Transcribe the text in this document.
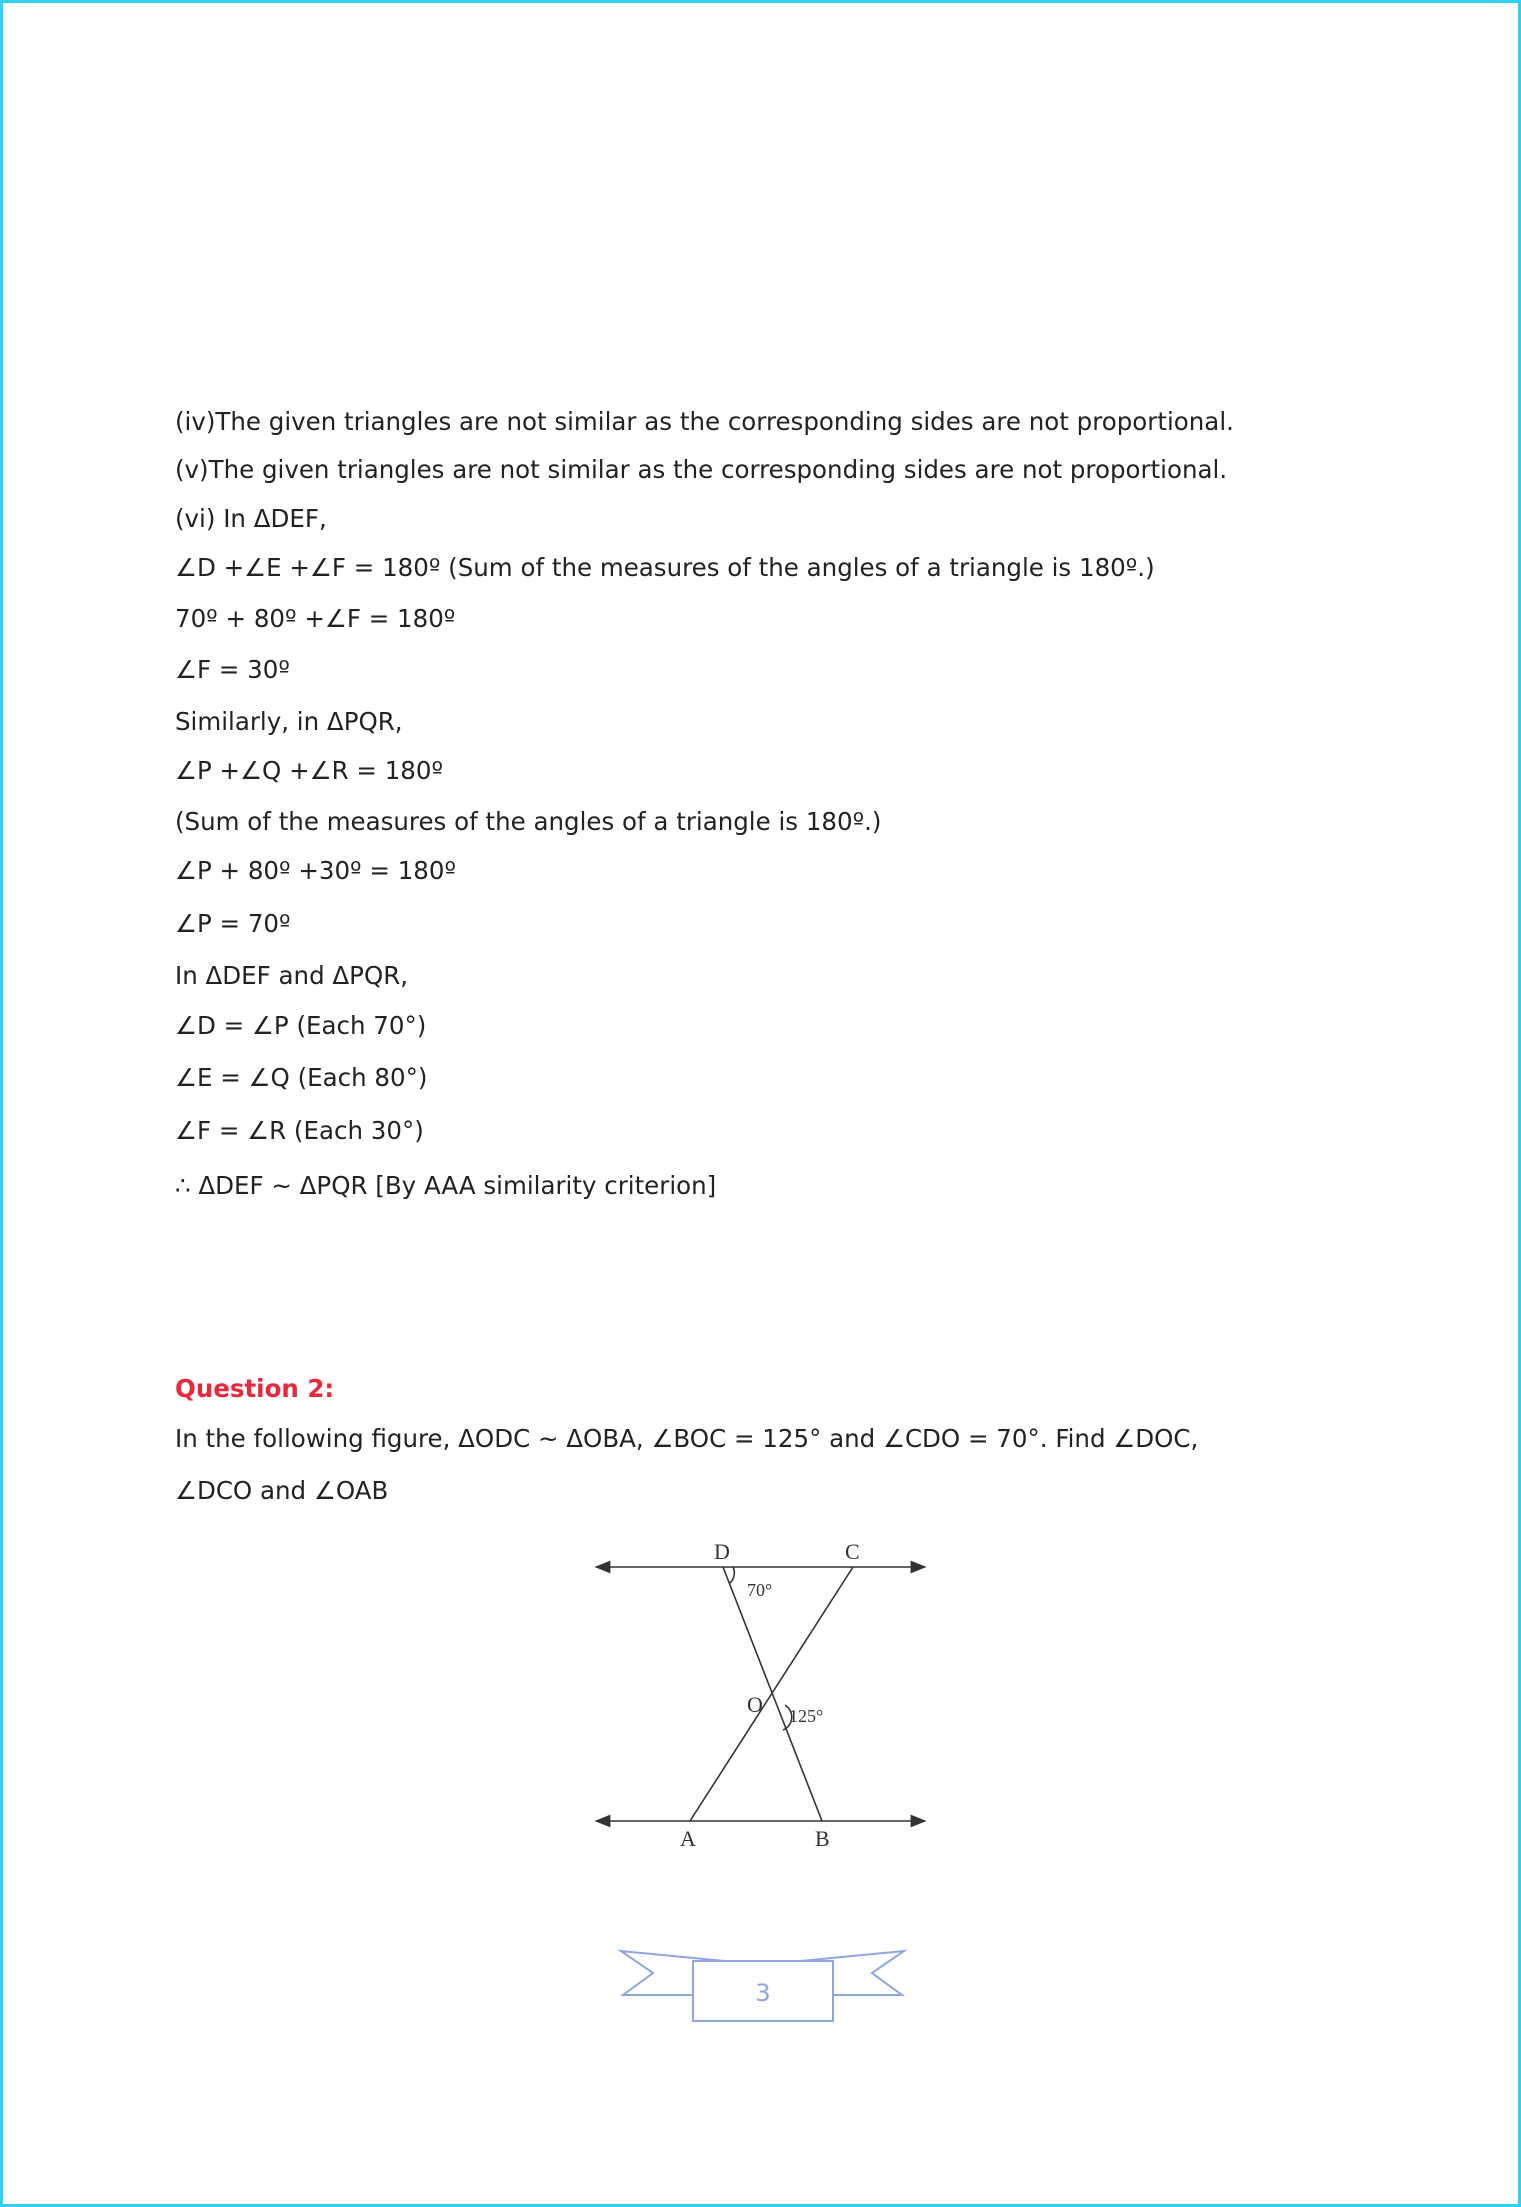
(iv)The given triangles are not similar as the corresponding sides are not proportional.
(v)The given triangles are not similar as the corresponding sides are not proportional.
(vi) In ΔDEF,
∠D +∠E +∠F = 180º (Sum of the measures of the angles of a triangle is 180º.)
70º + 80º +∠F = 180º
∠F = 30º
Similarly, in ΔPQR,
∠P +∠Q +∠R = 180º
(Sum of the measures of the angles of a triangle is 180º.)
∠P + 80º +30º = 180º
∠P = 70º
In ΔDEF and ΔPQR,
∠D = ∠P (Each 70°)
∠E = ∠Q (Each 80°)
∠F = ∠R (Each 30°)
∴ ΔDEF ~ ΔPQR [By AAA similarity criterion]
Question 2:
In the following figure, ΔODC ~ ΔOBA, ∠BOC = 125° and ∠CDO = 70°. Find ∠DOC,
∠DCO and ∠OAB
D	C
O
A	B
70°
125°
3
